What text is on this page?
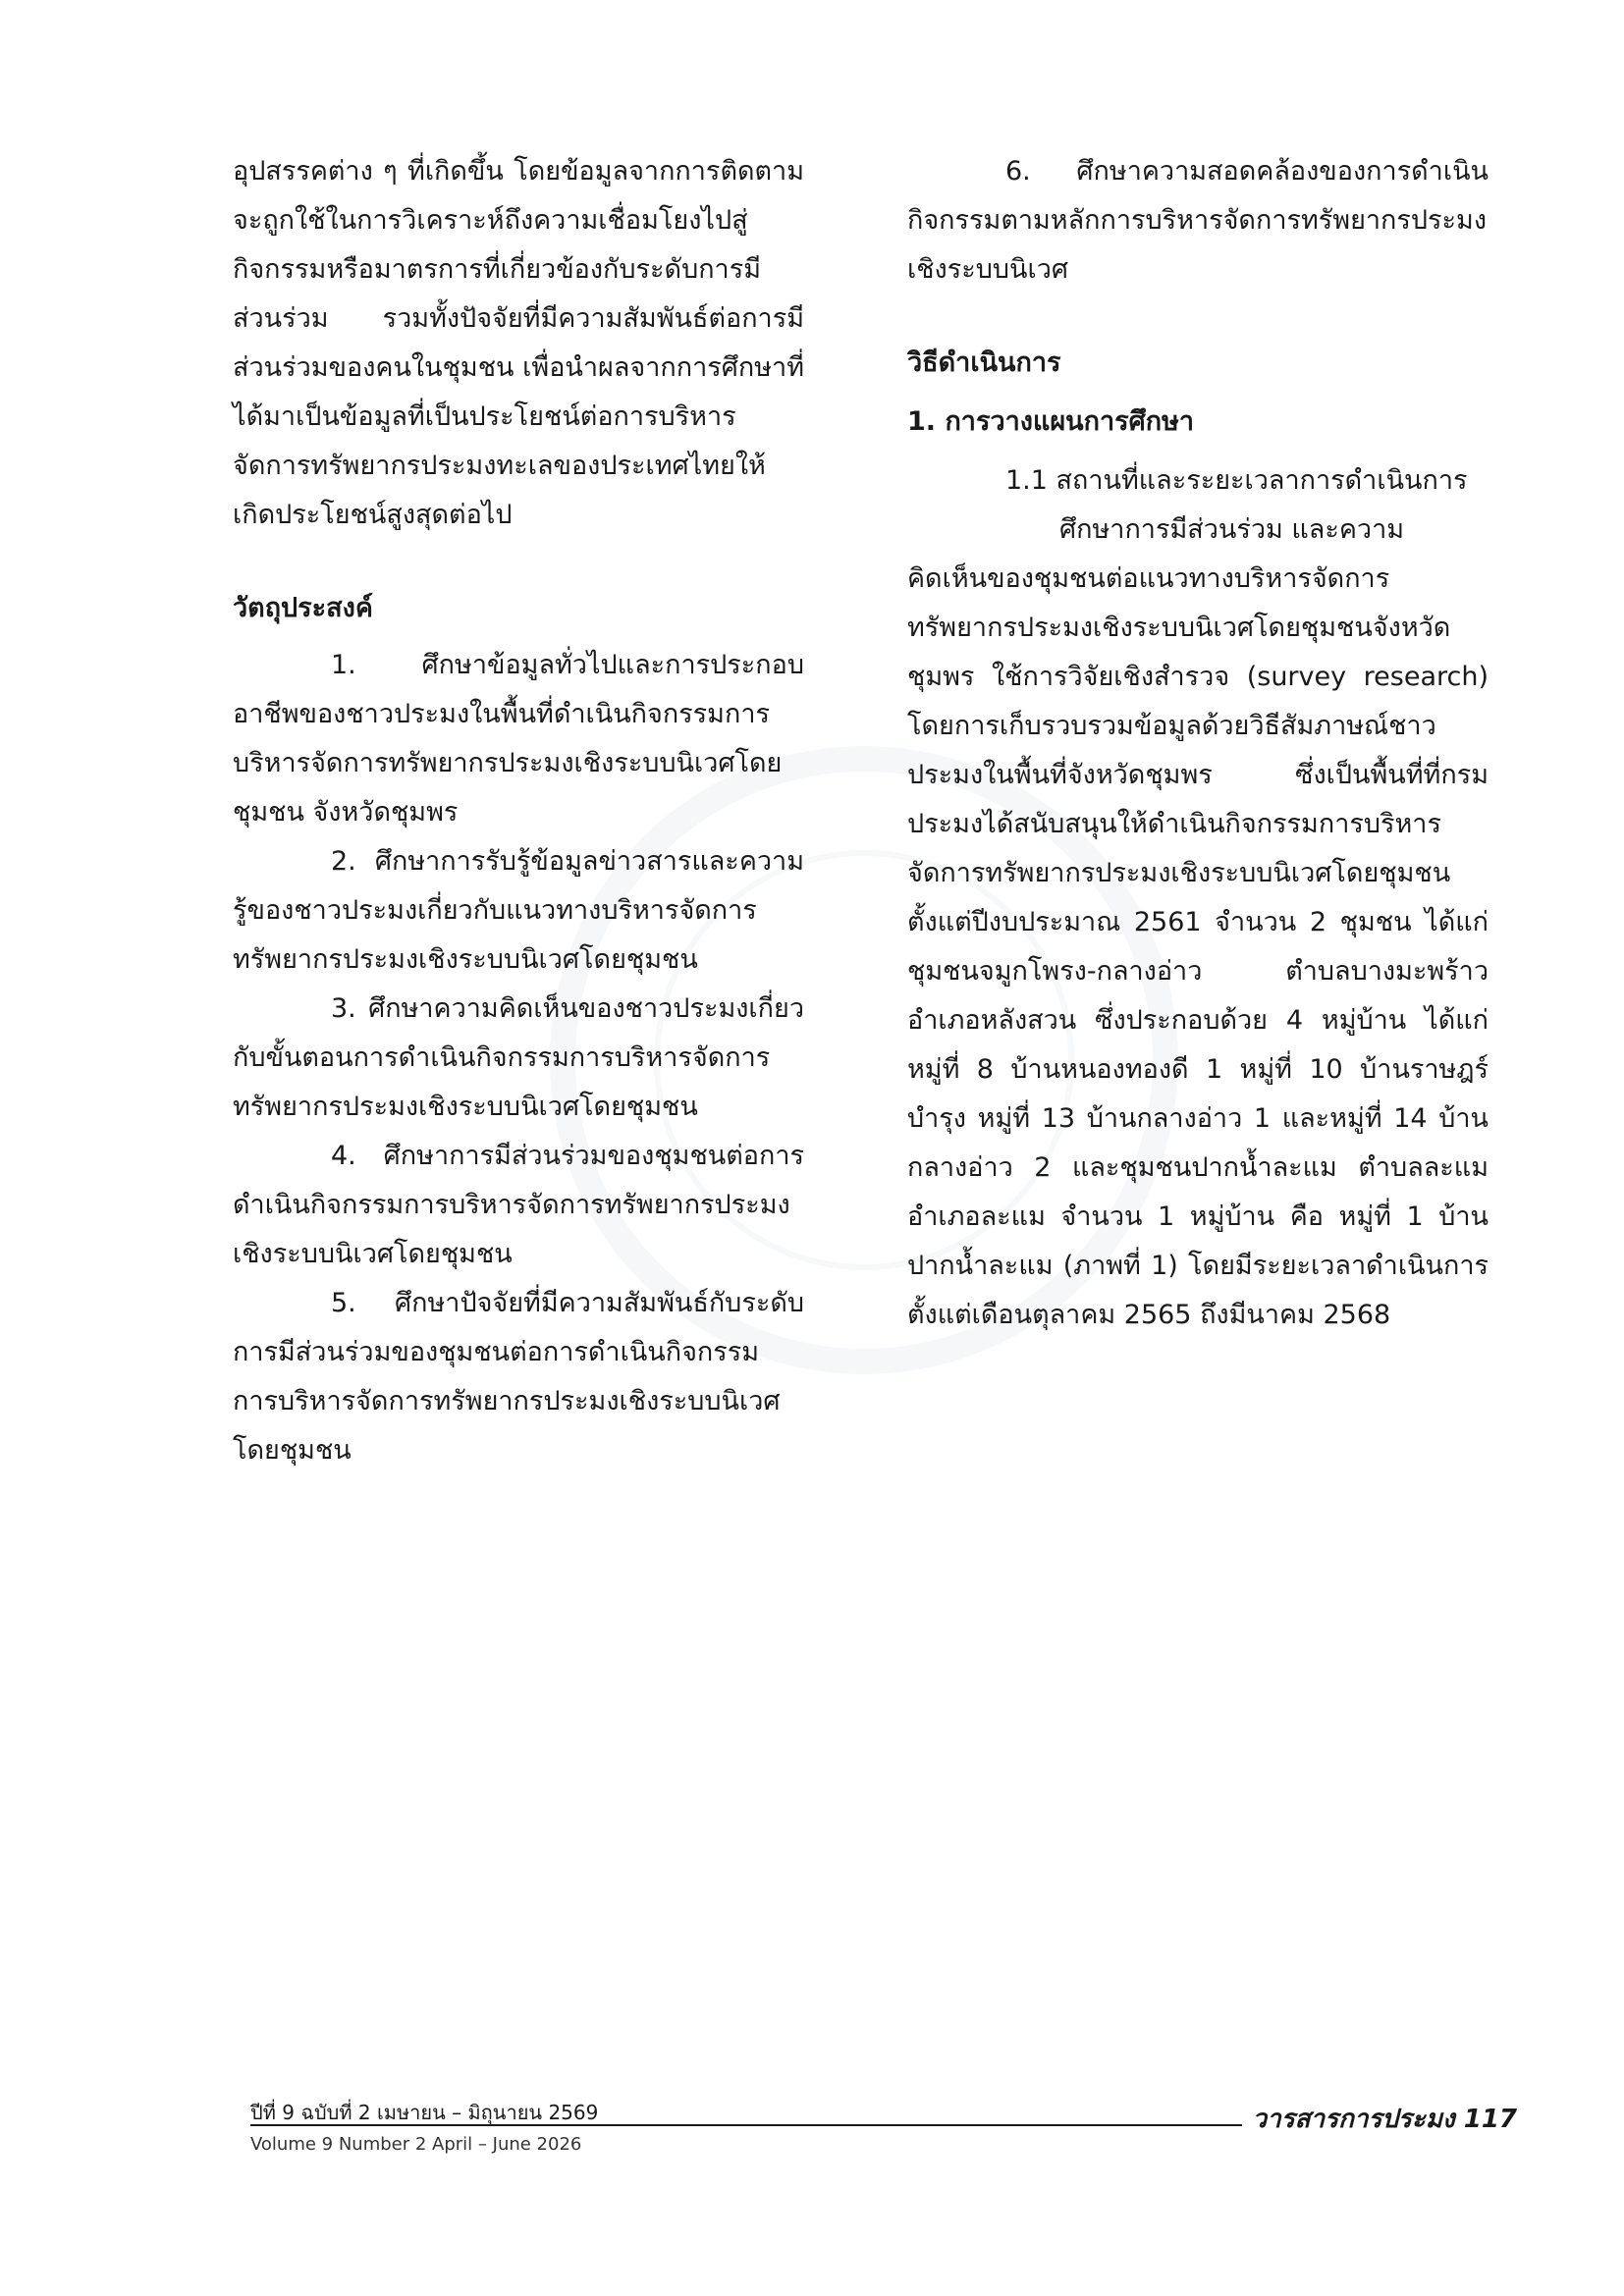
อุปสรรคต่าง ๆ ที่เกิดขึ้น โดยข้อมูลจากการติดตาม จะถูกใช้ในการวิเคราะห์ถึงความเชื่อมโยงไปสู่กิจกรรมหรือมาตรการที่เกี่ยวข้องกับระดับการมีส่วนร่วม รวมทั้งปัจจัยที่มีความสัมพันธ์ต่อการมีส่วนร่วมของคนในชุมชน เพื่อนำผลจากการศึกษาที่ได้มาเป็นข้อมูลที่เป็นประโยชน์ต่อการบริหารจัดการทรัพยากรประมงทะเลของประเทศไทยให้เกิดประโยชน์สูงสุดต่อไป

วัตถุประสงค์

1. ศึกษาข้อมูลทั่วไปและการประกอบอาชีพของชาวประมงในพื้นที่ดำเนินกิจกรรมการบริหารจัดการทรัพยากรประมงเชิงระบบนิเวศโดยชุมชน จังหวัดชุมพร

2. ศึกษาการรับรู้ข้อมูลข่าวสารและความรู้ของชาวประมงเกี่ยวกับแนวทางบริหารจัดการทรัพยากรประมงเชิงระบบนิเวศโดยชุมชน

3. ศึกษาความคิดเห็นของชาวประมงเกี่ยวกับขั้นตอนการดำเนินกิจกรรมการบริหารจัดการทรัพยากรประมงเชิงระบบนิเวศโดยชุมชน

4. ศึกษาการมีส่วนร่วมของชุมชนต่อการดำเนินกิจกรรมการบริหารจัดการทรัพยากรประมงเชิงระบบนิเวศโดยชุมชน

5. ศึกษาปัจจัยที่มีความสัมพันธ์กับระดับการมีส่วนร่วมของชุมชนต่อการดำเนินกิจกรรมการบริหารจัดการทรัพยากรประมงเชิงระบบนิเวศโดยชุมชน

6. ศึกษาความสอดคล้องของการดำเนินกิจกรรมตามหลักการบริหารจัดการทรัพยากรประมงเชิงระบบนิเวศ

วิธีดำเนินการ
1. การวางแผนการศึกษา

1.1 สถานที่และระยะเวลาการดำเนินการ
ศึกษาการมีส่วนร่วม และความ

คิดเห็นของชุมชนต่อแนวทางบริหารจัดการทรัพยากรประมงเชิงระบบนิเวศโดยชุมชนจังหวัดชุมพร ใช้การวิจัยเชิงสำรวจ (survey research) โดยการเก็บรวบรวมข้อมูลด้วยวิธีสัมภาษณ์ชาวประมงในพื้นที่จังหวัดชุมพร ซึ่งเป็นพื้นที่ที่กรมประมงได้สนับสนุนให้ดำเนินกิจกรรมการบริหารจัดการทรัพยากรประมงเชิงระบบนิเวศโดยชุมชน ตั้งแต่ปีงบประมาณ 2561 จำนวน 2 ชุมชน ได้แก่ ชุมชนจมูกโพรง-กลางอ่าว ตำบลบางมะพร้าว อำเภอหลังสวน ซึ่งประกอบด้วย 4 หมู่บ้าน ได้แก่ หมู่ที่ 8 บ้านหนองทองดี 1 หมู่ที่ 10 บ้านราษฎร์บำรุง หมู่ที่ 13 บ้านกลางอ่าว 1 และหมู่ที่ 14 บ้านกลางอ่าว 2 และชุมชนปากน้ำละแม ตำบลละแม อำเภอละแม จำนวน 1 หมู่บ้าน คือ หมู่ที่ 1 บ้านปากน้ำละแม (ภาพที่ 1) โดยมีระยะเวลาดำเนินการตั้งแต่เดือนตุลาคม 2565 ถึงมีนาคม 2568

ปีที่ 9 ฉบับที่ 2 เมษายน – มิถุนายน 2569
Volume 9 Number 2 April – June 2026
วารสารการประมง 117
